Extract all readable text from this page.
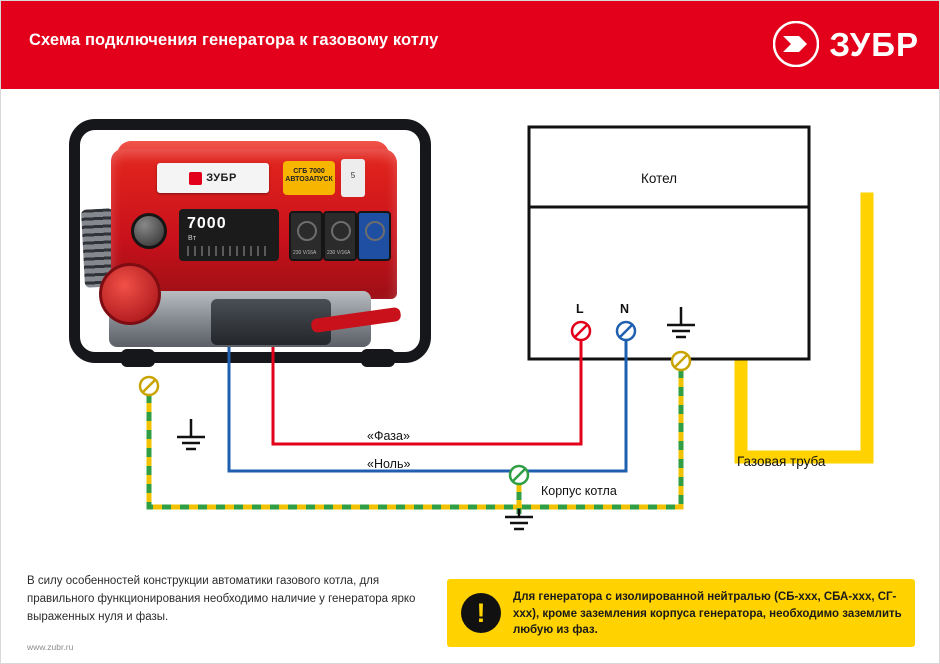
Схема подключения генератора к газовому котлу	ЗУБР
ЗУБР
СГБ 7000 АВТОЗАПУСК	5
7000
Вт
230 V/16A 230 V/16A
Котел
L	N
«Фаза»
«Ноль»
Корпус котла
Газовая труба
В силу особенностей конструкции автоматики газового котла, для правильного функционирования необходимо наличие у генератора ярко выраженных нуля и фазы.
www.zubr.ru
!
Для генератора с изолированной нейтралью (СБ-ххх, СБА-ххх, СГ-ххх), кроме заземления корпуса генератора, необходимо заземлить любую из фаз.
